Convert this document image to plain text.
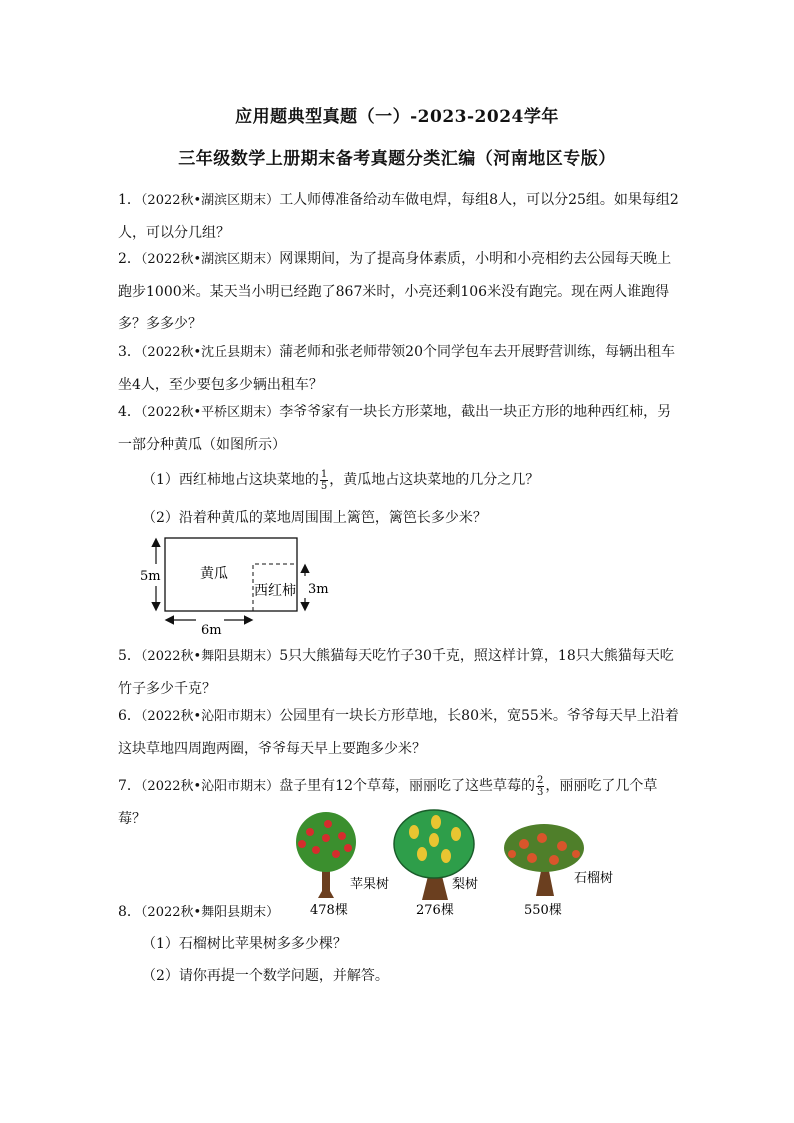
应用题典型真题（一）-2023-2024学年
三年级数学上册期末备考真题分类汇编（河南地区专版）

1．（2022秋•湖滨区期末）工人师傅准备给动车做电焊，每组8人，可以分25组。如果每组2人，可以分几组？

2．（2022秋•湖滨区期末）网课期间，为了提高身体素质，小明和小亮相约去公园每天晚上跑步1000米。某天当小明已经跑了867米时，小亮还剩106米没有跑完。现在两人谁跑得多？多多少？

3．（2022秋•沈丘县期末）蒲老师和张老师带领20个同学包车去开展野营训练，每辆出租车坐4人，至少要包多少辆出租车？

4．（2022秋•平桥区期末）李爷爷家有一块长方形菜地，截出一块正方形的地种西红柿，另一部分种黄瓜（如图所示）

（1）西红柿地占这块菜地的 $\frac{1}{5}$ ，黄瓜地占这块菜地的几分之几？
（2）沿着种黄瓜的菜地周围围上篱笆，篱笆长多少米？
黄瓜
西红柿
5m
3m
6m

5．（2022秋•舞阳县期末）5只大熊猫每天吃竹子30千克，照这样计算，18只大熊猫每天吃竹子多少千克？

6．（2022秋•沁阳市期末）公园里有一块长方形草地，长80米，宽55米。爷爷每天早上沿着这块草地四周跑两圈，爷爷每天早上要跑多少米？

7．（2022秋•沁阳市期末）盘子里有12个草莓，丽丽吃了这些草莓的 $\frac{2}{3}$ ，丽丽吃了几个草莓？

苹果树
478棵
梨树
276棵
石榴树
550棵

8．（2022秋•舞阳县期末）

（1）石榴树比苹果树多多少棵？
（2）请你再提一个数学问题，并解答。
